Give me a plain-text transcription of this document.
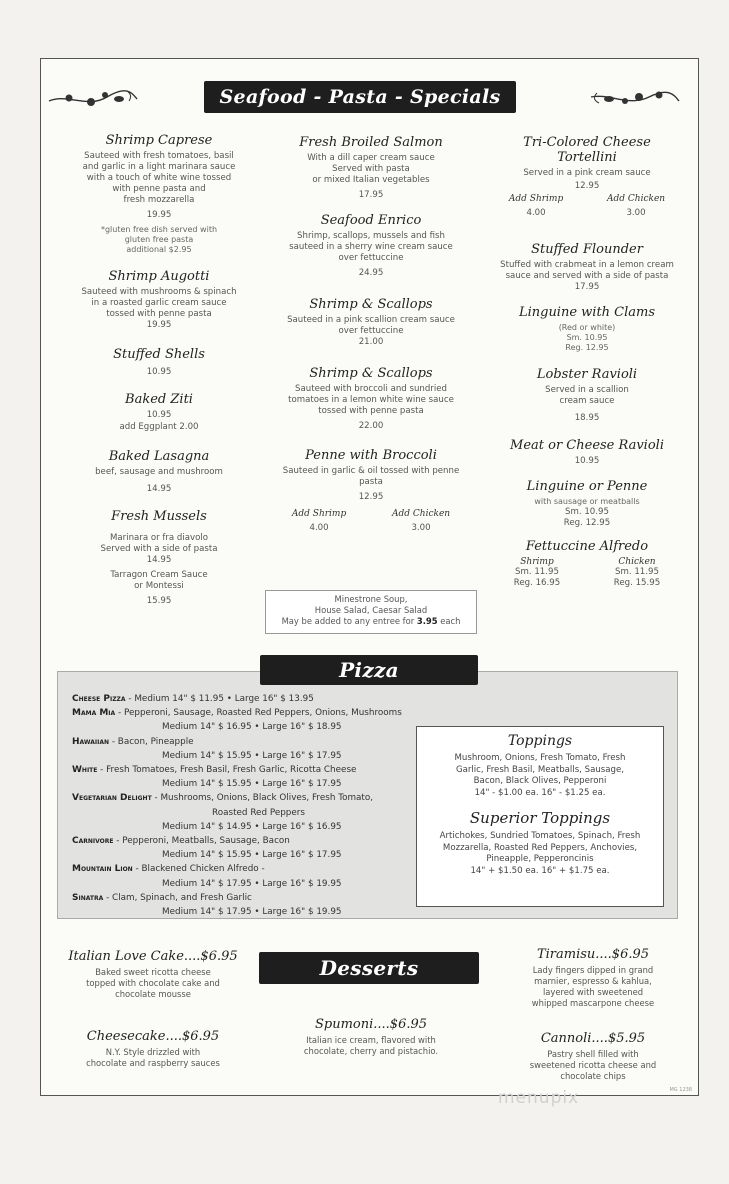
Seafood - Pasta - Specials
Shrimp Caprese
Sauteed with fresh tomatoes, basil
and garlic in a light marinara sauce
with a touch of white wine tossed
with penne pasta and
fresh mozzarella
19.95
*gluten free dish served with
gluten free pasta
additional $2.95
Shrimp Augotti
Sauteed with mushrooms & spinach
in a roasted garlic cream sauce
tossed with penne pasta
19.95
Stuffed Shells
10.95
Baked Ziti
10.95
add Eggplant 2.00
Baked Lasagna
beef, sausage and mushroom
14.95
Fresh Mussels
Marinara or fra diavolo
Served with a side of pasta
14.95
Tarragon Cream Sauce
or Montessi
15.95
Fresh Broiled Salmon
With a dill caper cream sauce
Served with pasta
or mixed Italian vegetables
17.95
Seafood Enrico
Shrimp, scallops, mussels and fish
sauteed in a sherry wine cream sauce
over fettuccine
24.95
Shrimp & Scallops
Sauteed in a pink scallion cream sauce
over fettuccine
21.00
Shrimp & Scallops
Sauteed with broccoli and sundried
tomatoes in a lemon white wine sauce
tossed with penne pasta
22.00
Penne with Broccoli
Sauteed in garlic & oil tossed with penne
pasta
12.95
Add Shrimp
4.00
Add Chicken
3.00
Minestrone Soup,
House Salad, Caesar Salad
May be added to any entree for 3.95 each
Tri-Colored Cheese
Tortellini
Served in a pink cream sauce
12.95
Add Shrimp
4.00
Add Chicken
3.00
Stuffed Flounder
Stuffed with crabmeat in a lemon cream
sauce and served with a side of pasta
17.95
Linguine with Clams
(Red or white)
Sm. 10.95
Reg. 12.95
Lobster Ravioli
Served in a scallion
cream sauce
18.95
Meat or Cheese Ravioli
10.95
Linguine or Penne
with sausage or meatballs
Sm. 10.95
Reg. 12.95
Fettuccine Alfredo
Shrimp
Sm. 11.95
Reg. 16.95
Chicken
Sm. 11.95
Reg. 15.95
Cheese Pizza - Medium 14" $ 11.95 • Large 16" $ 13.95
Mama Mia - Pepperoni, Sausage, Roasted Red Peppers, Onions, Mushrooms
Medium 14" $ 16.95 • Large 16" $ 18.95
Hawaiian - Bacon, Pineapple
Medium 14" $ 15.95 • Large 16" $ 17.95
White - Fresh Tomatoes, Fresh Basil, Fresh Garlic, Ricotta Cheese
Medium 14" $ 15.95 • Large 16" $ 17.95
Vegetarian Delight - Mushrooms, Onions, Black Olives, Fresh Tomato,
Roasted Red Peppers
Medium 14" $ 14.95 • Large 16" $ 16.95
Carnivore - Pepperoni, Meatballs, Sausage, Bacon
Medium 14" $ 15.95 • Large 16" $ 17.95
Mountain Lion - Blackened Chicken Alfredo -
Medium 14" $ 17.95 • Large 16" $ 19.95
Sinatra - Clam, Spinach, and Fresh Garlic
Medium 14" $ 17.95 • Large 16" $ 19.95
Toppings
Mushroom, Onions, Fresh Tomato, Fresh
Garlic, Fresh Basil, Meatballs, Sausage,
Bacon, Black Olives, Pepperoni
14" - $1.00 ea. 16" - $1.25 ea.
Superior Toppings
Artichokes, Sundried Tomatoes, Spinach, Fresh
Mozzarella, Roasted Red Peppers, Anchovies,
Pineapple, Pepperoncinis
14" + $1.50 ea. 16" + $1.75 ea.
Pizza
Desserts
Italian Love Cake....$6.95
Baked sweet ricotta cheese
topped with chocolate cake and
chocolate mousse
Cheesecake....$6.95
N.Y. Style drizzled with
chocolate and raspberry sauces
Spumoni....$6.95
Italian ice cream, flavored with
chocolate, cherry and pistachio.
Tiramisu....$6.95
Lady fingers dipped in grand
marnier, espresso & kahlua,
layered with sweetened
whipped mascarpone cheese
Cannoli....$5.95
Pastry shell filled with
sweetened ricotta cheese and
chocolate chips
MG 1238
menupix
